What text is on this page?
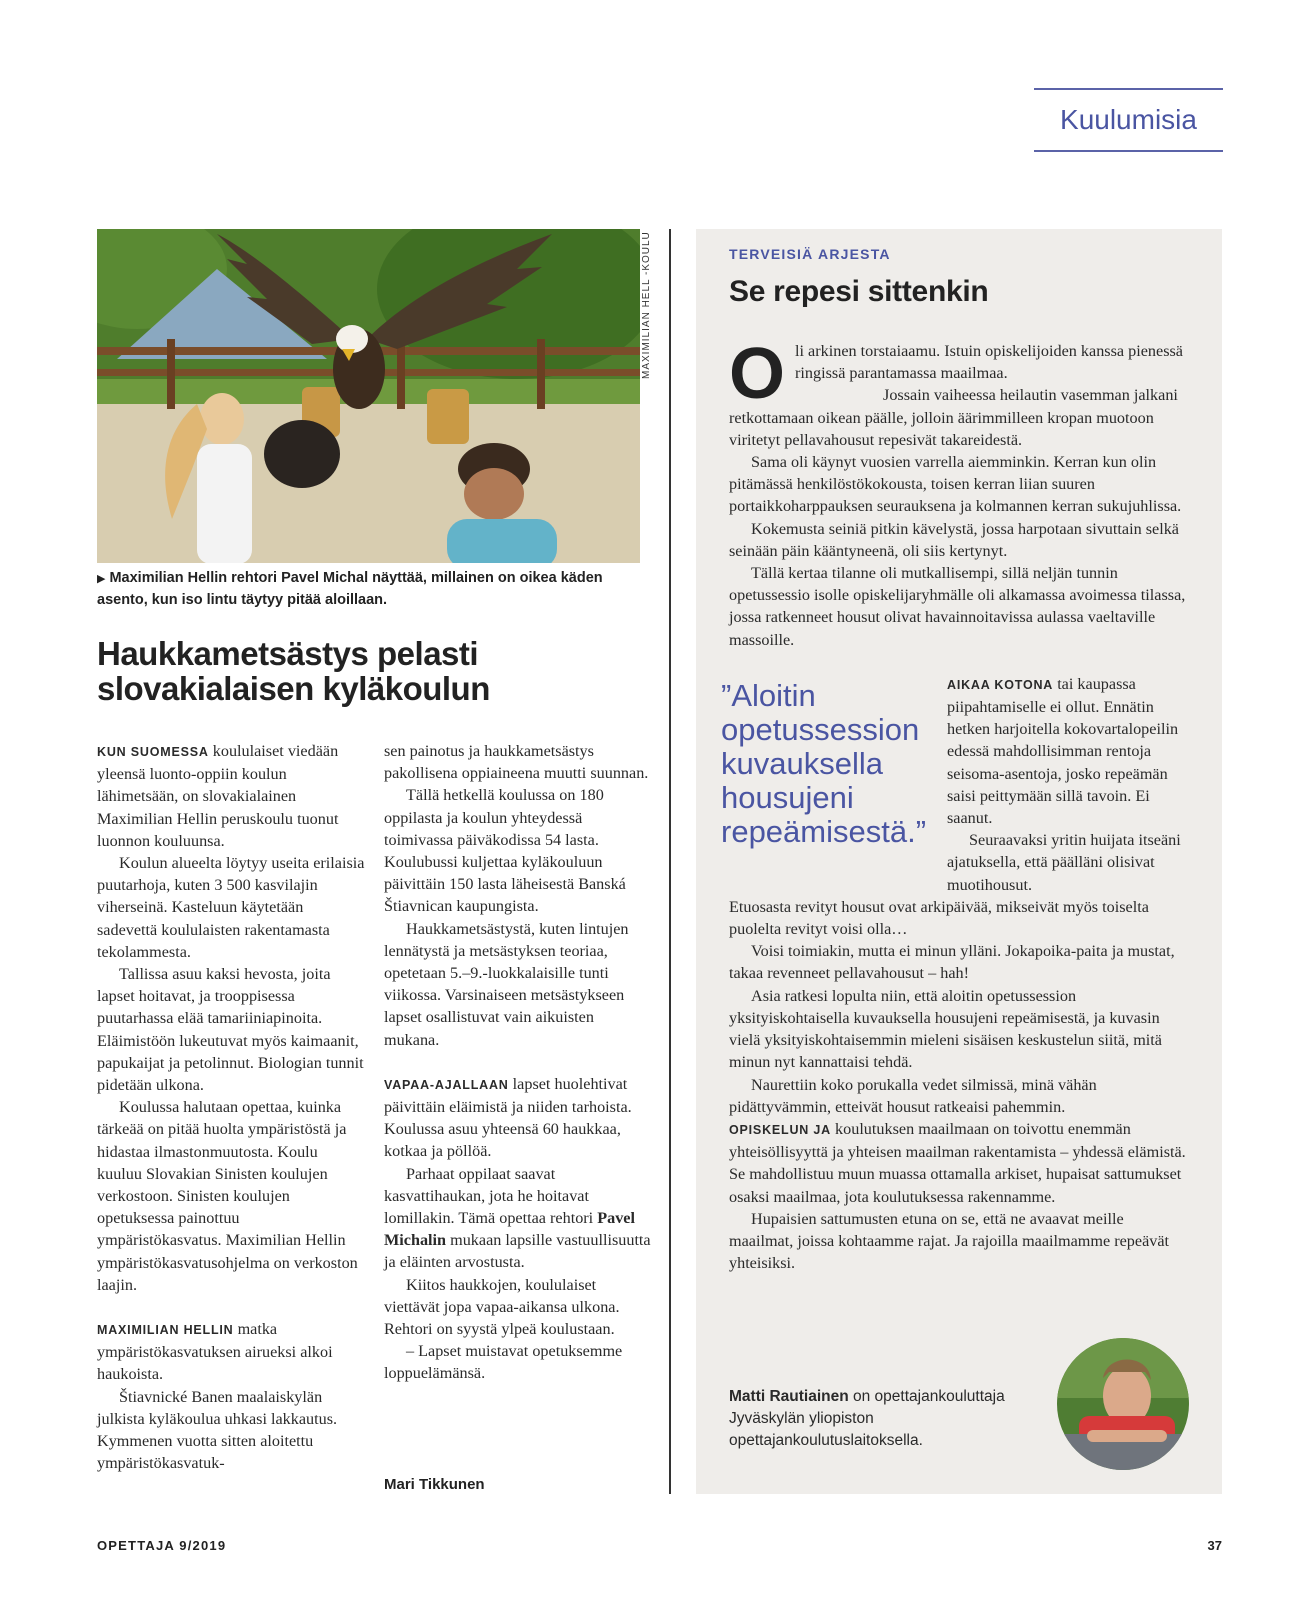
Kuulumisia
MAXIMILIAN HELL -KOULU
▶ Maximilian Hellin rehtori Pavel Michal näyttää, millainen on oikea käden asento, kun iso lintu täytyy pitää aloillaan.
Haukkametsästys pelasti slovakialaisen kyläkoulun

KUN SUOMESSA koululaiset viedään yleensä luonto-oppiin koulun lähimetsään, on slovakialainen Maximilian Hellin peruskoulu tuonut luonnon kouluunsa.

Koulun alueelta löytyy useita erilaisia puutarhoja, kuten 3 500 kasvilajin viherseinä. Kasteluun käytetään sadevettä koululaisten rakentamasta tekolammesta.

Tallissa asuu kaksi hevosta, joita lapset hoitavat, ja trooppisessa puutarhassa elää tamariiniapinoita. Eläimistöön lukeutuvat myös kaimaanit, papukaijat ja petolinnut. Biologian tunnit pidetään ulkona.

Koulussa halutaan opettaa, kuinka tärkeää on pitää huolta ympäristöstä ja hidastaa ilmastonmuutosta. Koulu kuuluu Slovakian Sinisten koulujen verkostoon. Sinisten koulujen opetuksessa painottuu ympäristökasvatus. Maximilian Hellin ympäristökasvatusohjelma on verkoston laajin.

MAXIMILIAN HELLIN matka ympäristökasvatuksen airueksi alkoi haukoista.

Štiavnické Banen maalaiskylän julkista kyläkoulua uhkasi lakkautus. Kymmenen vuotta sitten aloitettu ympäristökasvatuk-

sen painotus ja haukkametsästys pakollisena oppiaineena muutti suunnan.

Tällä hetkellä koulussa on 180 oppilasta ja koulun yhteydessä toimivassa päiväkodissa 54 lasta. Koulubussi kuljettaa kyläkouluun päivittäin 150 lasta läheisestä Banská Štiavnican kaupungista.

Haukkametsästystä, kuten lintujen lennätystä ja metsästyksen teoriaa, opetetaan 5.–9.-luokkalaisille tunti viikossa. Varsinaiseen metsästykseen lapset osallistuvat vain aikuisten mukana.

VAPAA-AJALLAAN lapset huolehtivat päivittäin eläimistä ja niiden tarhoista. Koulussa asuu yhteensä 60 haukkaa, kotkaa ja pöllöä.

Parhaat oppilaat saavat kasvattihaukan, jota he hoitavat lomillakin. Tämä opettaa rehtori Pavel Michalin mukaan lapsille vastuullisuutta ja eläinten arvostusta.

Kiitos haukkojen, koululaiset viettävät jopa vapaa-aikansa ulkona. Rehtori on syystä ylpeä koulustaan.

– Lapset muistavat opetuksemme loppuelämänsä.

Mari Tikkunen
TERVEISIÄ ARJESTA
Se repesi sittenkin

Oli arkinen torstaiaamu. Istuin opiskelijoiden kanssa pienessä ringissä parantamassa maailmaa.

Jossain vaiheessa heilautin vasemman jalkani retkottamaan oikean päälle, jolloin äärimmilleen kropan muotoon viritetyt pellavahousut repesivät takareidestä.

Sama oli käynyt vuosien varrella aiemminkin. Kerran kun olin pitämässä henkilöstökokousta, toisen kerran liian suuren portaikkoharppauksen seurauksena ja kolmannen kerran sukujuhlissa.

Kokemusta seiniä pitkin kävelystä, jossa harpotaan sivuttain selkä seinään päin kääntyneenä, oli siis kertynyt.

Tällä kertaa tilanne oli mutkallisempi, sillä neljän tunnin opetussessio isolle opiskelijaryhmälle oli alkamassa avoimessa tilassa, jossa ratkenneet housut olivat havainnoitavissa aulassa vaeltaville massoille.

”Aloitin opetussession kuvauksella housujeni repeämisestä.”

AIKAA KOTONA tai kaupassa piipahtamiselle ei ollut. Ennätin hetken harjoitella kokovartalopeilin edessä mahdollisimman rentoja seisoma-asentoja, josko repeämän saisi peittymään sillä tavoin. Ei saanut.

Seuraavaksi yritin huijata itseäni ajatuksella, että päälläni olisivat muotihousut.

Etuosasta revityt housut ovat arkipäivää, mikseivät myös toiselta puolelta revityt voisi olla…

Voisi toimiakin, mutta ei minun ylläni. Jokapoika-paita ja mustat, takaa revenneet pellavahousut – hah!

Asia ratkesi lopulta niin, että aloitin opetussession yksityiskohtaisella kuvauksella housujeni repeämisestä, ja kuvasin vielä yksityiskohtaisemmin mieleni sisäisen keskustelun siitä, mitä minun nyt kannattaisi tehdä.

Naurettiin koko porukalla vedet silmissä, minä vähän pidättyvämmin, etteivät housut ratkeaisi pahemmin.

OPISKELUN JA koulutuksen maailmaan on toivottu enemmän yhteisöllisyyttä ja yhteisen maailman rakentamista – yhdessä elämistä. Se mahdollistuu muun muassa ottamalla arkiset, hupaisat sattumukset osaksi maailmaa, jota koulutuksessa rakennamme.

Hupaisien sattumusten etuna on se, että ne avaavat meille maailmat, joissa kohtaamme rajat. Ja rajoilla maailmamme repeävät yhteisiksi.

Matti Rautiainen on opettajankouluttaja Jyväskylän yliopiston opettajankoulutuslaitoksella.
OPETTAJA 9/2019	37
